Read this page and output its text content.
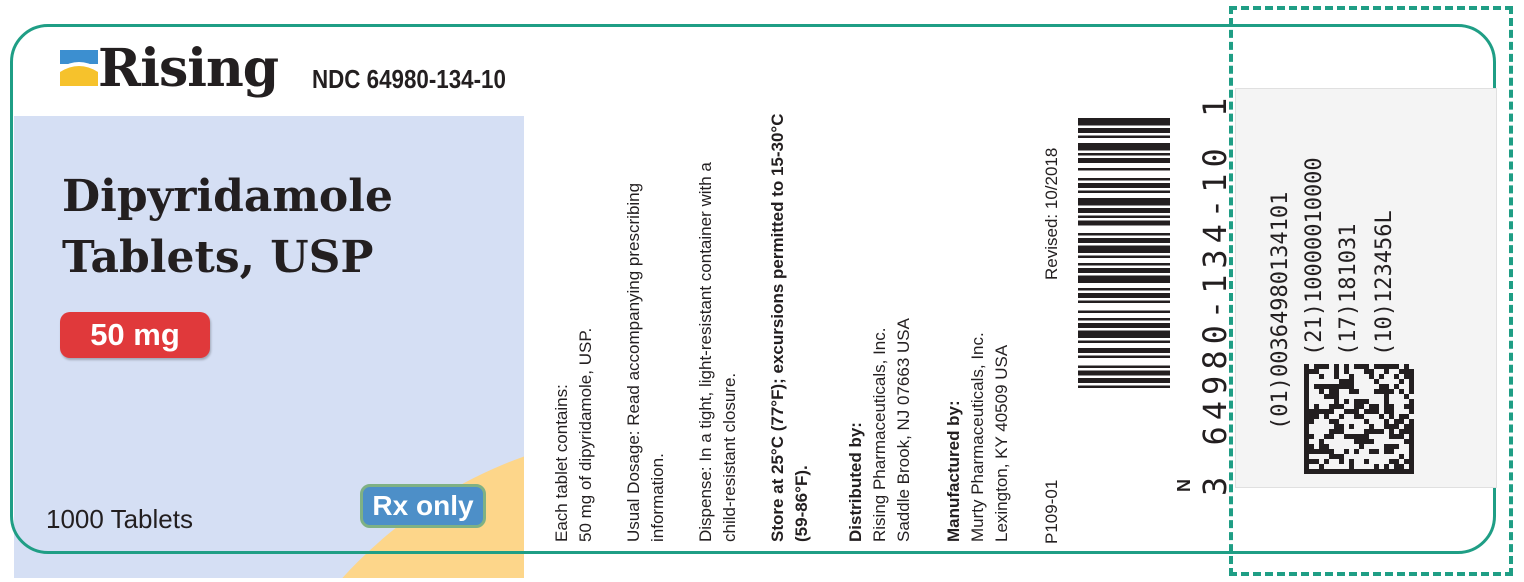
Rising NDC 64980-134-10
Dipyridamole
Tablets, USP
50 mg
1000 Tablets	Rx only	Each tablet contains: 50 mg of dipyridamole, USP. Usual Dosage: Read accompanying prescribing information. Dispense: In a tight, light-resistant container with a child-resistant closure. Store at 25°C (77°F); excursions permitted to 15-30°C (59-86°F). Distributed by: Rising Pharmaceuticals, Inc. Saddle Brook, NJ 07663 USA Manufactured by: Murty Pharmaceuticals, Inc. Lexington, KY 40509 USA
Revised: 10/2018
P109-01	N 3 64980-134-10 1 (01)00364980134101 (21)10000010000 (17)181031 (10)123456L
